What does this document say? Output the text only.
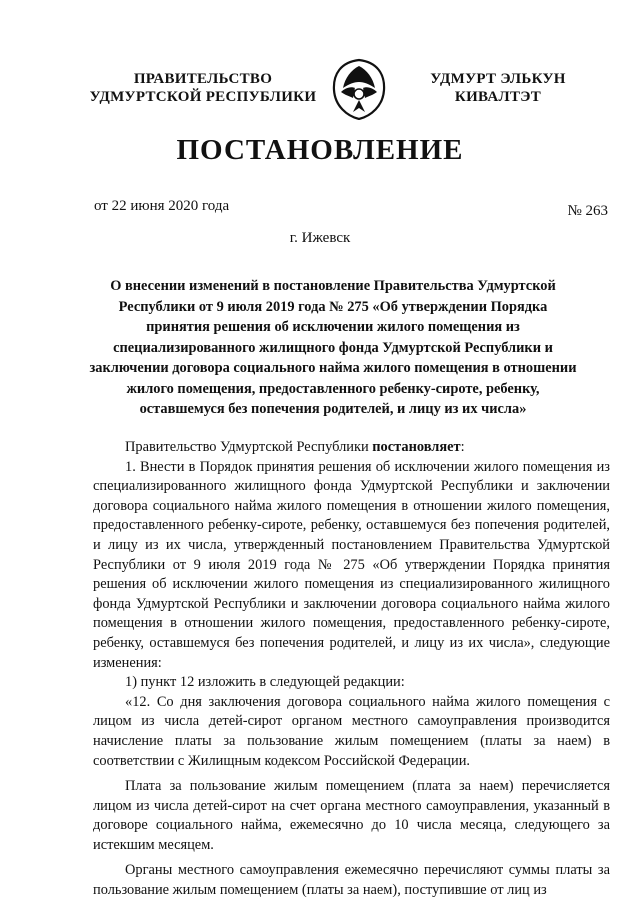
ПРАВИТЕЛЬСТВО
УДМУРТСКОЙ РЕСПУБЛИКИ
УДМУРТ ЭЛЬКУН
КИВАЛТЭТ
ПОСТАНОВЛЕНИЕ
от 22 июня 2020 года	№ 263
г. Ижевск
О внесении изменений в постановление Правительства Удмуртской Республики от 9 июля 2019 года № 275 «Об утверждении Порядка принятия решения об исключении жилого помещения из специализированного жилищного фонда Удмуртской Республики и заключении договора социального найма жилого помещения в отношении жилого помещения, предоставленного ребенку-сироте, ребенку, оставшемуся без попечения родителей, и лицу из их числа»

Правительство Удмуртской Республики постановляет:

1. Внести в Порядок принятия решения об исключении жилого помещения из специализированного жилищного фонда Удмуртской Республики и заключении договора социального найма жилого помещения в отношении жилого помещения, предоставленного ребенку-сироте, ребенку, оставшемуся без попечения родителей, и лицу из их числа, утвержденный постановлением Правительства Удмуртской Республики от 9 июля 2019 года № 275 «Об утверждении Порядка принятия решения об исключении жилого помещения из специализированного жилищного фонда Удмуртской Республики и заключении договора социального найма жилого помещения в отношении жилого помещения, предоставленного ребенку-сироте, ребенку, оставшемуся без попечения родителей, и лицу из их числа», следующие изменения:

1) пункт 12 изложить в следующей редакции:

«12. Со дня заключения договора социального найма жилого помещения с лицом из числа детей-сирот органом местного самоуправления производится начисление платы за пользование жилым помещением (платы за наем) в соответствии с Жилищным кодексом Российской Федерации.

Плата за пользование жилым помещением (плата за наем) перечисляется лицом из числа детей-сирот на счет органа местного самоуправления, указанный в договоре социального найма, ежемесячно до 10 числа месяца, следующего за истекшим месяцем.

Органы местного самоуправления ежемесячно перечисляют суммы платы за пользование жилым помещением (платы за наем), поступившие от лиц из
